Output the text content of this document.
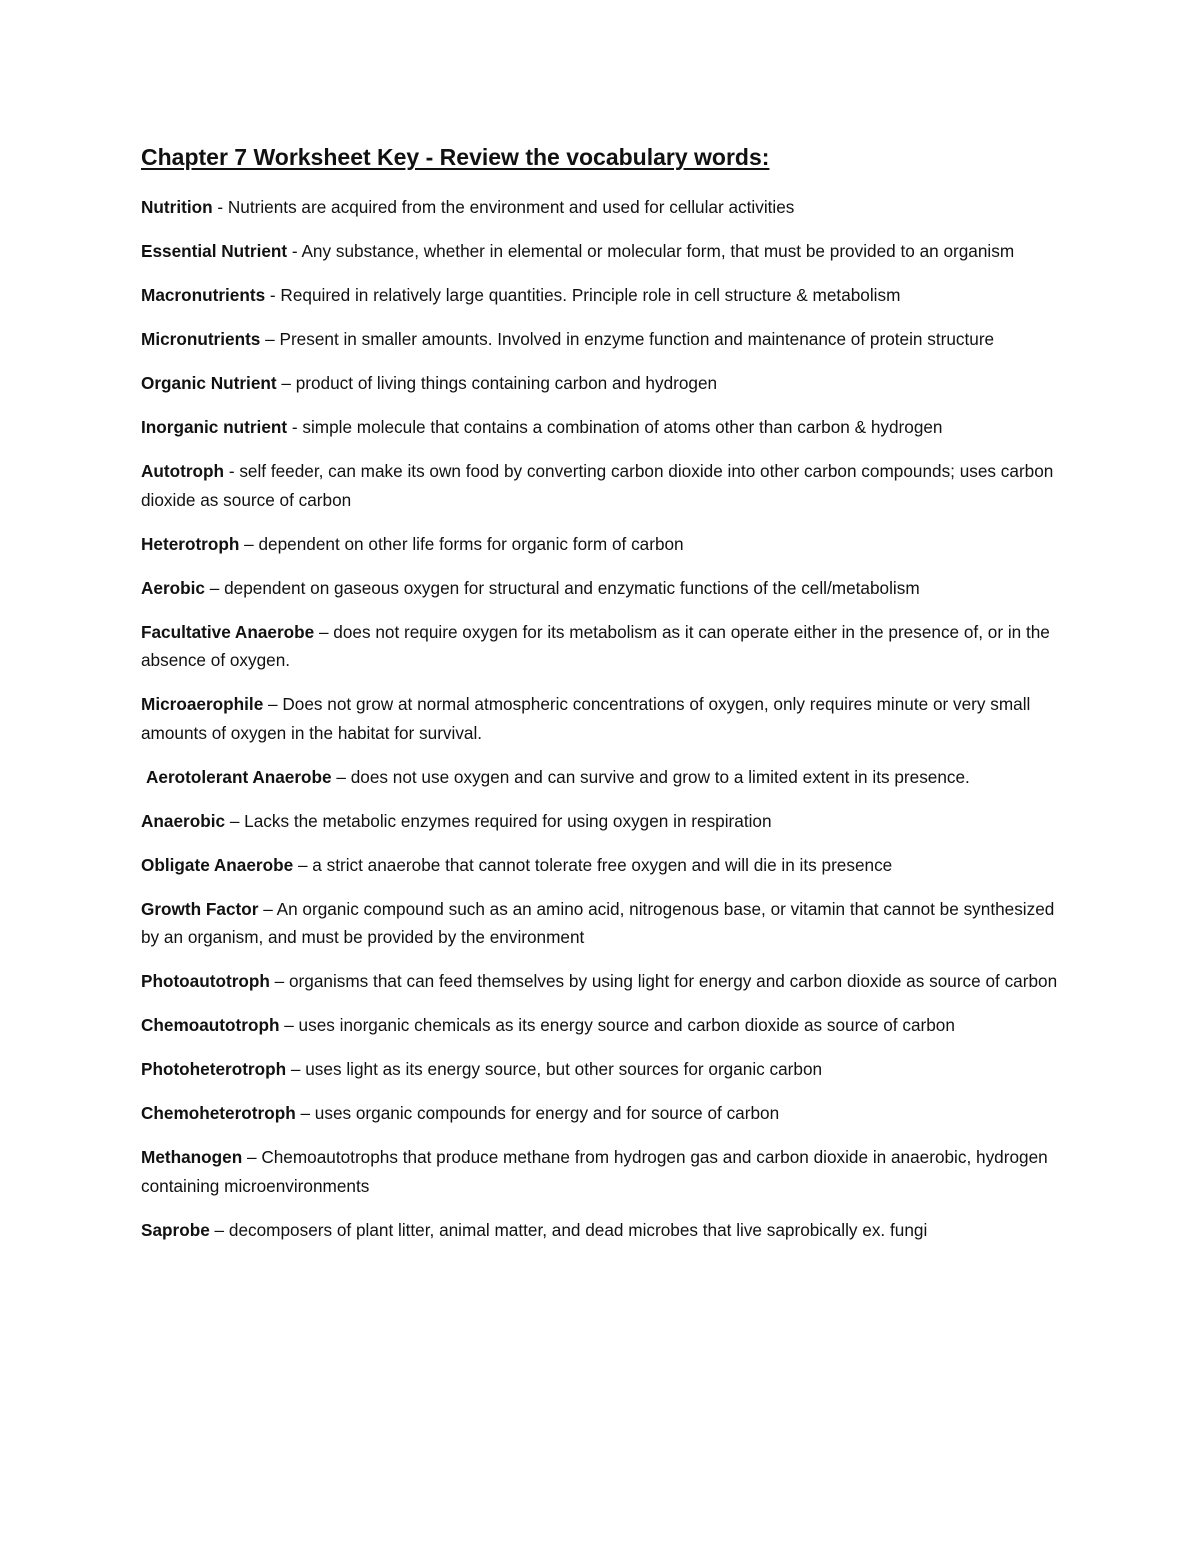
Chapter 7 Worksheet Key - Review the vocabulary words:
Nutrition - Nutrients are acquired from the environment and used for cellular activities
Essential Nutrient - Any substance, whether in elemental or molecular form, that must be provided to an organism
Macronutrients - Required in relatively large quantities. Principle role in cell structure & metabolism
Micronutrients – Present in smaller amounts. Involved in enzyme function and maintenance of protein structure
Organic Nutrient – product of living things containing carbon and hydrogen
Inorganic nutrient - simple molecule that contains a combination of atoms other than carbon & hydrogen
Autotroph - self feeder, can make its own food by converting carbon dioxide into other carbon compounds; uses carbon dioxide as source of carbon
Heterotroph – dependent on other life forms for organic form of carbon
Aerobic – dependent on gaseous oxygen for structural and enzymatic functions of the cell/metabolism
Facultative Anaerobe – does not require oxygen for its metabolism as it can operate either in the presence of, or in the absence of oxygen.
Microaerophile – Does not grow at normal atmospheric concentrations of oxygen, only requires minute or very small amounts of oxygen in the habitat for survival.
Aerotolerant Anaerobe – does not use oxygen and can survive and grow to a limited extent in its presence.
Anaerobic – Lacks the metabolic enzymes required for using oxygen in respiration
Obligate Anaerobe – a strict anaerobe that cannot tolerate free oxygen and will die in its presence
Growth Factor – An organic compound such as an amino acid, nitrogenous base, or vitamin that cannot be synthesized by an organism, and must be provided by the environment
Photoautotroph – organisms that can feed themselves by using light for energy and carbon dioxide as source of carbon
Chemoautotroph – uses inorganic chemicals as its energy source and carbon dioxide as source of carbon
Photoheterotroph – uses light as its energy source, but other sources for organic carbon
Chemoheterotroph – uses organic compounds for energy and for source of carbon
Methanogen – Chemoautotrophs that produce methane from hydrogen gas and carbon dioxide in anaerobic, hydrogen containing microenvironments
Saprobe – decomposers of plant litter, animal matter, and dead microbes that live saprobically ex. fungi
